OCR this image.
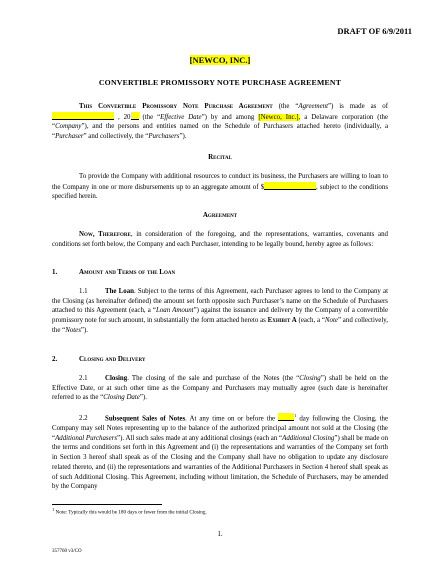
DRAFT OF 6/9/2011
[NEWCO, INC.]
CONVERTIBLE PROMISSORY NOTE PURCHASE AGREEMENT
This Convertible Promissory Note Purchase Agreement (the “Agreement”) is made as of  , 20 (the “Effective Date”) by and among [Newco, Inc.], a Delaware corporation (the “Company”), and the persons and entities named on the Schedule of Purchasers attached hereto (individually, a “Purchaser” and collectively, the “Purchasers”).
Recital
To provide the Company with additional resources to conduct its business, the Purchasers are willing to loan to the Company in one or more disbursements up to an aggregate amount of $	, subject to the conditions specified herein.
Agreement
Now, Therefore, in consideration of the foregoing, and the representations, warranties, covenants and conditions set forth below, the Company and each Purchaser, intending to be legally bound, hereby agree as follows:
1.	Amount and Terms of the Loan
1.1	The Loan. Subject to the terms of this Agreement, each Purchaser agrees to lend to the Company at the Closing (as hereinafter defined) the amount set forth opposite such Purchaser’s name on the Schedule of Purchasers attached to this Agreement (each, a “Loan Amount”) against the issuance and delivery by the Company of a convertible promissory note for such amount, in substantially the form attached hereto as Exhibit A (each, a “Note” and collectively, the “Notes”).
2.	Closing and Delivery
2.1	Closing. The closing of the sale and purchase of the Notes (the “Closing”) shall be held on the Effective Date, or at such other time as the Company and Purchasers may mutually agree (such date is hereinafter referred to as the “Closing Date”).
2.2	Subsequent Sales of Notes. At any time on or before the	$^1$ day following the Closing, the Company may sell Notes representing up to the balance of the authorized principal amount not sold at the Closing (the “Additional Purchasers”). All such sales made at any additional closings (each an “Additional Closing”) shall be made on the terms and conditions set forth in this Agreement and (i) the representations and warranties of the Company set forth in Section 3 hereof shall speak as of the Closing and the Company shall have no obligation to update any disclosure related thereto, and (ii) the representations and warranties of the Additional Purchasers in Section 4 hereof shall speak as of such Additional Closing. This Agreement, including without limitation, the Schedule of Purchasers, may be amended by the Company
$^1$ Note: Typically this would be 180 days or fewer from the initial Closing.
1.
357760 v3/CO
